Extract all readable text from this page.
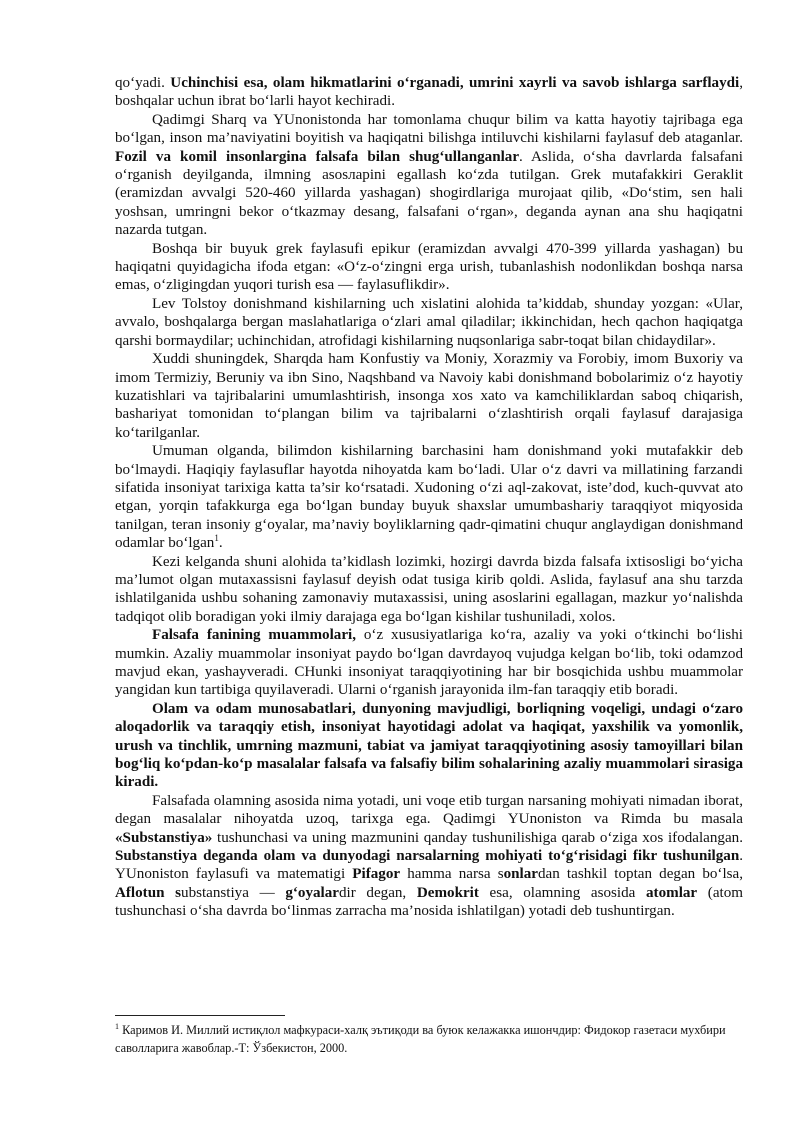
qo‘yadi. Uchinchisi esa, olam hikmatlarini o‘rganadi, umrini xayrli va savob ishlarga sarflaydi, boshqalar uchun ibrat bo‘larli hayot kechiradi.

Qadimgi Sharq va YUnonistonda har tomonlama chuqur bilim va katta hayotiy tajribaga ega bo‘lgan, inson ma’naviyatini boyitish va haqiqatni bilishga intiluvchi kishilarni faylasuf deb ataganlar. Fozil va komil insonlargina falsafa bilan shug‘ullanganlar. Aslida, o‘sha davrlarda falsafani o‘rganish deyilganda, ilmning asosларini egallash ko‘zda tutilgan. Grek mutafakkiri Geraklit (eramizdan avvalgi 520-460 yillarda yashagan) shogirdlariga murojaat qilib, «Do‘stim, sen hali yoshsan, umringni bekor o‘tkazmay desang, falsafani o‘rgan», deganda aynan ana shu haqiqatni nazarda tutgan.

Boshqa bir buyuk grek faylasufi epikur (eramizdan avvalgi 470-399 yillarda yashagan) bu haqiqatni quyidagicha ifoda etgan: «O‘z-o‘zingni erga urish, tubanlashish nodonlikdan boshqa narsa emas, o‘zligingdan yuqori turish esa — faylasuflikdir».

Lev Tolstoy donishmand kishilarning uch xislatini alohida ta’kiddab, shunday yozgan: «Ular, avvalo, boshqalarga bergan maslahatlariga o‘zlari amal qiladilar; ikkinchidan, hech qachon haqiqatga qarshi bormaydilar; uchinchidan, atrofidagi kishilarning nuqsonlariga sabr-toqat bilan chidaydilar».

Xuddi shuningdek, Sharqda ham Konfustiy va Moniy, Xorazmiy va Forobiy, imom Buxoriy va imom Termiziy, Beruniy va ibn Sino, Naqshband va Navoiy kabi donishmand bobolarimiz o‘z hayotiy kuzatishlari va tajribalarini umumlashtirish, insonga xos xato va kamchiliklardan saboq chiqarish, bashariyat tomonidan to‘plangan bilim va tajribalarni o‘zlashtirish orqali faylasuf darajasiga ko‘tarilganlar.

Umuman olganda, bilimdon kishilarning barchasini ham donishmand yoki mutafakkir deb bo‘lmaydi. Haqiqiy faylasuflar hayotda nihoyatda kam bo‘ladi. Ular o‘z davri va millatining farzandi sifatida insoniyat tarixiga katta ta’sir ko‘rsatadi. Xudoning o‘zi aql-zakovat, iste’dod, kuch-quvvat ato etgan, yorqin tafakkurga ega bo‘lgan bunday buyuk shaxslar umumbashariy taraqqiyot miqyosida tanilgan, teran insoniy g‘oyalar, ma’naviy boyliklarning qadr-qimatini chuqur anglaydigan donishmand odamlar bo‘lgan$^1$.

Kezi kelganda shuni alohida ta’kidlash lozimki, hozirgi davrda bizda falsafa ixtisosligi bo‘yicha ma’lumot olgan mutaxassisni faylasuf deyish odat tusiga kirib qoldi. Aslida, faylasuf ana shu tarzda ishlatilganida ushbu sohaning zamonaviy mutaxassisi, uning asoslarini egallagan, mazkur yo‘nalishda tadqiqot olib boradigan yoki ilmiy darajaga ega bo‘lgan kishilar tushuniladi, xolos.

Falsafa fanining muammolari, o‘z xususiyatlariga ko‘ra, azaliy va yoki o‘tkinchi bo‘lishi mumkin. Azaliy muammolar insoniyat paydo bo‘lgan davrdayoq vujudga kelgan bo‘lib, toki odamzod mavjud ekan, yashayveradi. CHunki insoniyat taraqqiyotining har bir bosqichida ushbu muammolar yangidan kun tartibiga quyilaveradi. Ularni o‘rganish jarayonida ilm-fan taraqqiy etib boradi.

Olam va odam munosabatlari, dunyoning mavjudligi, borliqning voqeligi, undagi o‘zaro aloqadorlik va taraqqiy etish, insoniyat hayotidagi adolat va haqiqat, yaxshilik va yomonlik, urush va tinchlik, umrning mazmuni, tabiat va jamiyat taraqqiyotining asosiy tamoyillari bilan bog‘liq ko‘pdan-ko‘p masalalar falsafa va falsafiy bilim sohalarining azaliy muammolari sirasiga kiradi.

Falsafada olamning asosida nima yotadi, uni voqe etib turgan narsaning mohiyati nimadan iborat, degan masalalar nihoyatda uzoq, tarixga ega. Qadimgi YUnoniston va Rimda bu masala «Substanstiya» tushunchasi va uning mazmunini qanday tushunilishiga qarab o‘ziga xos ifodalangan. Substanstiya deganda olam va dunyodagi narsalarning mohiyati to‘g‘risidagi fikr tushunilgan. YUnoniston faylasufi va matematigi Pifagor hamma narsa sonlardan tashkil toptan degan bo‘lsa, Aflotun substanstiya — g‘oyalardir degan, Demokrit esa, olamning asosida atomlar (atom tushunchasi o‘sha davrda bo‘linmas zarracha ma’nosida ishlatilgan) yotadi deb tushuntirgan.

$^1$ Каримов И. Миллий истиқлол мафкураси-халқ эътиқоди ва буюк келажакка ишончдир: Фидокор газетаси мухбири саволларига жавоблар.-Т: Ўзбекистон, 2000.
